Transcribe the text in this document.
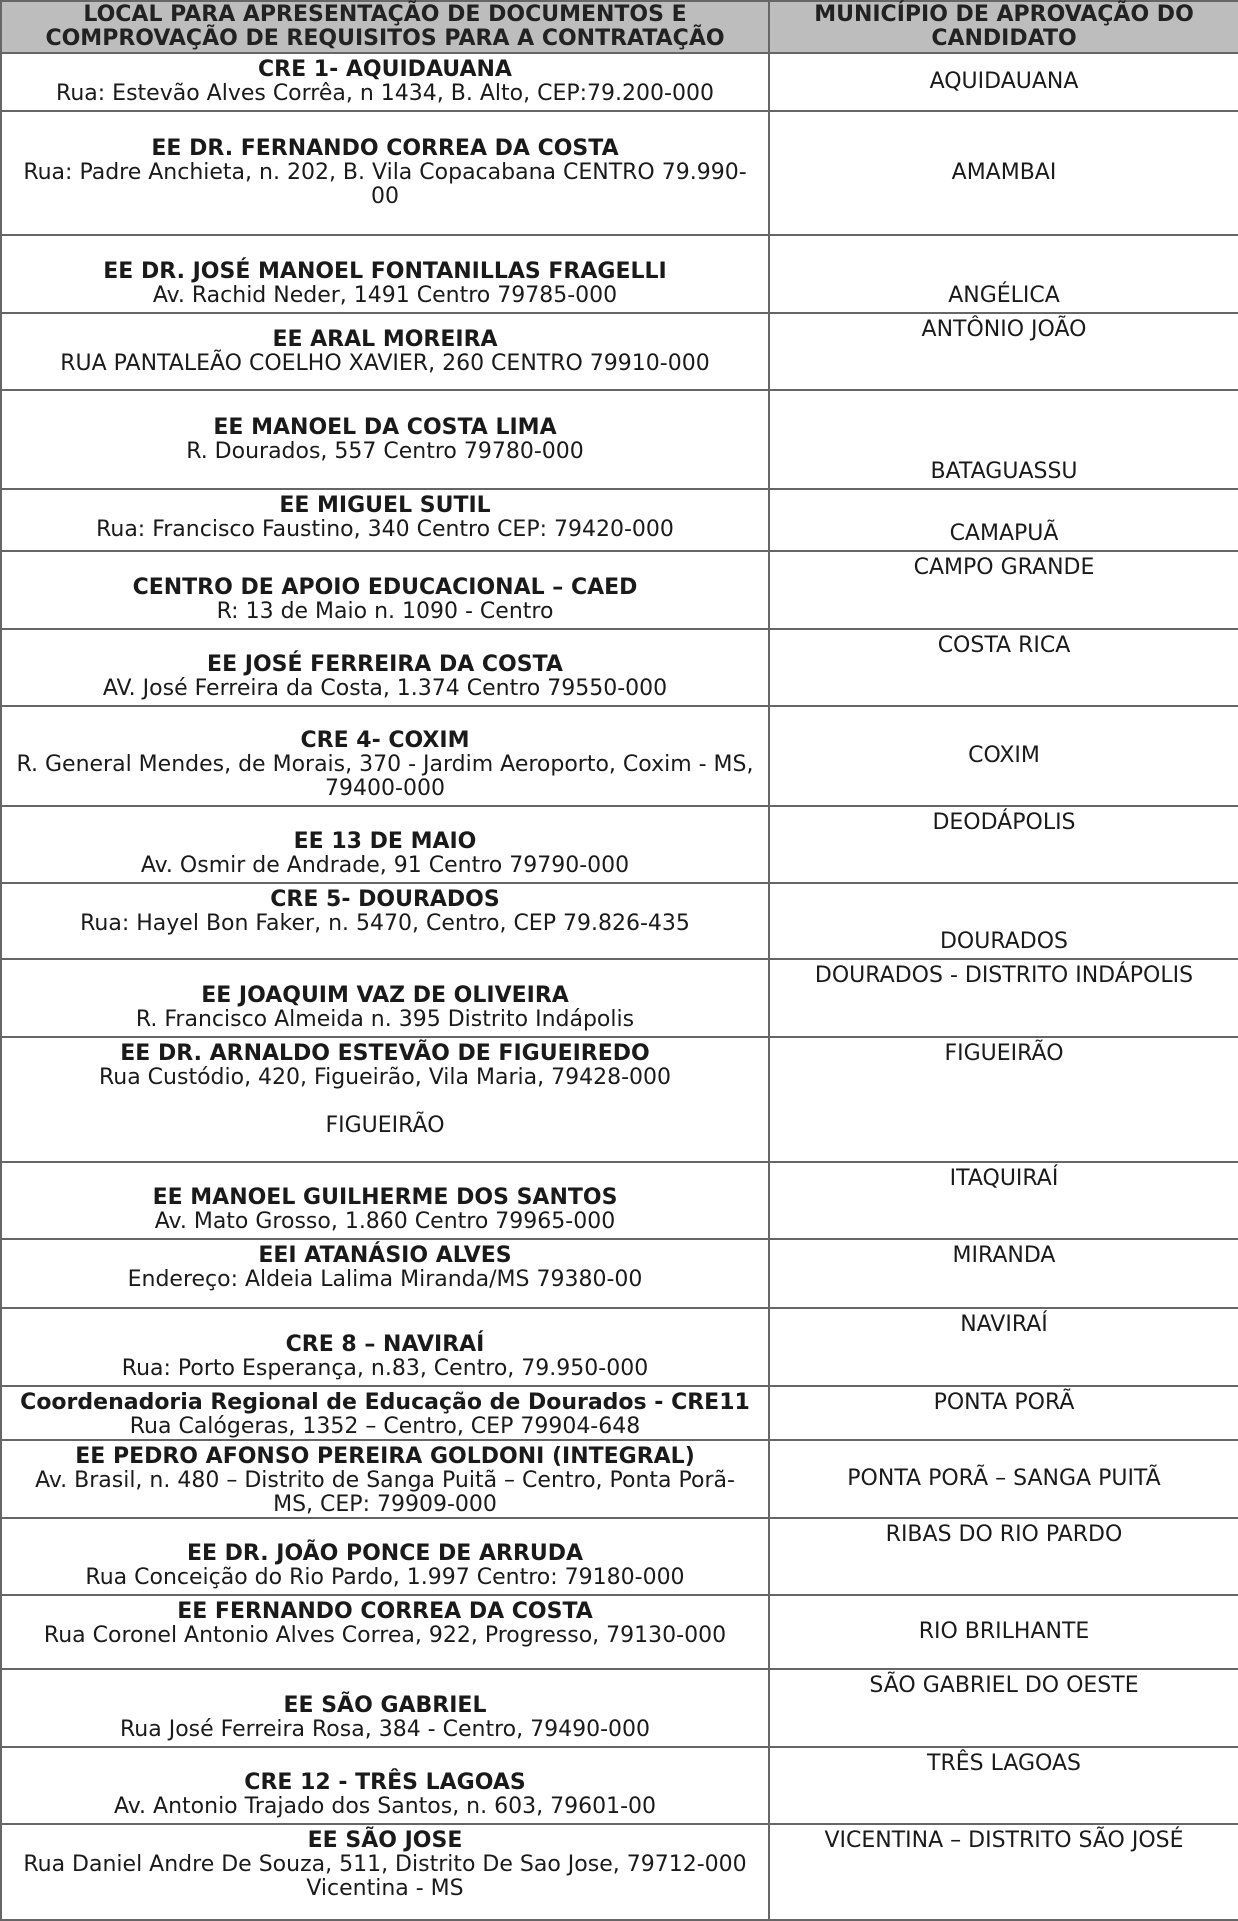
LOCAL PARA APRESENTAÇÃO DE DOCUMENTOS E COMPROVAÇÃO DE REQUISITOS PARA A CONTRATAÇÃO	MUNICÍPIO DE APROVAÇÃO DO CANDIDATO

CRE 1- AQUIDAUANA
Rua: Estevão Alves Corrêa, n 1434, B. Alto, CEP:79.200-000	AQUIDAUANA

EE DR. FERNANDO CORREA DA COSTA
Rua: Padre Anchieta, n. 202, B. Vila Copacabana CENTRO 79.990-00	AMAMBAI

EE DR. JOSÉ MANOEL FONTANILLAS FRAGELLI
Av. Rachid Neder, 1491 Centro 79785-000	ANGÉLICA

EE ARAL MOREIRA
RUA PANTALEÃO COELHO XAVIER, 260 CENTRO 79910-000	ANTÔNIO JOÃO

EE MANOEL DA COSTA LIMA
R. Dourados, 557 Centro 79780-000	BATAGUASSU

EE MIGUEL SUTIL
Rua: Francisco Faustino, 340 Centro CEP: 79420-000	CAMAPUÃ

CENTRO DE APOIO EDUCACIONAL – CAED
R: 13 de Maio n. 1090 - Centro	CAMPO GRANDE

EE JOSÉ FERREIRA DA COSTA
AV. José Ferreira da Costa, 1.374 Centro 79550-000	COSTA RICA

CRE 4- COXIM
R. General Mendes, de Morais, 370 - Jardim Aeroporto, Coxim - MS, 79400-000	COXIM

EE 13 DE MAIO
Av. Osmir de Andrade, 91 Centro 79790-000	DEODÁPOLIS

CRE 5- DOURADOS
Rua: Hayel Bon Faker, n. 5470, Centro, CEP 79.826-435	DOURADOS

EE JOAQUIM VAZ DE OLIVEIRA
R. Francisco Almeida n. 395 Distrito Indápolis	DOURADOS - DISTRITO INDÁPOLIS

EE DR. ARNALDO ESTEVÃO DE FIGUEIREDO
Rua Custódio, 420, Figueirão, Vila Maria, 79428-000
FIGUEIRÃO	FIGUEIRÃO

EE MANOEL GUILHERME DOS SANTOS
Av. Mato Grosso, 1.860 Centro 79965-000	ITAQUIRAÍ

EEI ATANÁSIO ALVES
Endereço: Aldeia Lalima Miranda/MS 79380-00	MIRANDA

CRE 8 – NAVIRAÍ
Rua: Porto Esperança, n.83, Centro, 79.950-000	NAVIRAÍ

Coordenadoria Regional de Educação de Dourados - CRE11
Rua Calógeras, 1352 – Centro, CEP 79904-648	PONTA PORÃ

EE PEDRO AFONSO PEREIRA GOLDONI (INTEGRAL)
Av. Brasil, n. 480 – Distrito de Sanga Puitã – Centro, Ponta Porã-MS, CEP: 79909-000	PONTA PORÃ – SANGA PUITÃ

EE DR. JOÃO PONCE DE ARRUDA
Rua Conceição do Rio Pardo, 1.997 Centro: 79180-000	RIBAS DO RIO PARDO

EE FERNANDO CORREA DA COSTA
Rua Coronel Antonio Alves Correa, 922, Progresso, 79130-000	RIO BRILHANTE

EE SÃO GABRIEL
Rua José Ferreira Rosa, 384 - Centro, 79490-000	SÃO GABRIEL DO OESTE

CRE 12 - TRÊS LAGOAS
Av. Antonio Trajado dos Santos, n. 603, 79601-00	TRÊS LAGOAS

EE SÃO JOSE
Rua Daniel Andre De Souza, 511, Distrito De Sao Jose, 79712-000 Vicentina - MS	VICENTINA – DISTRITO SÃO JOSÉ
